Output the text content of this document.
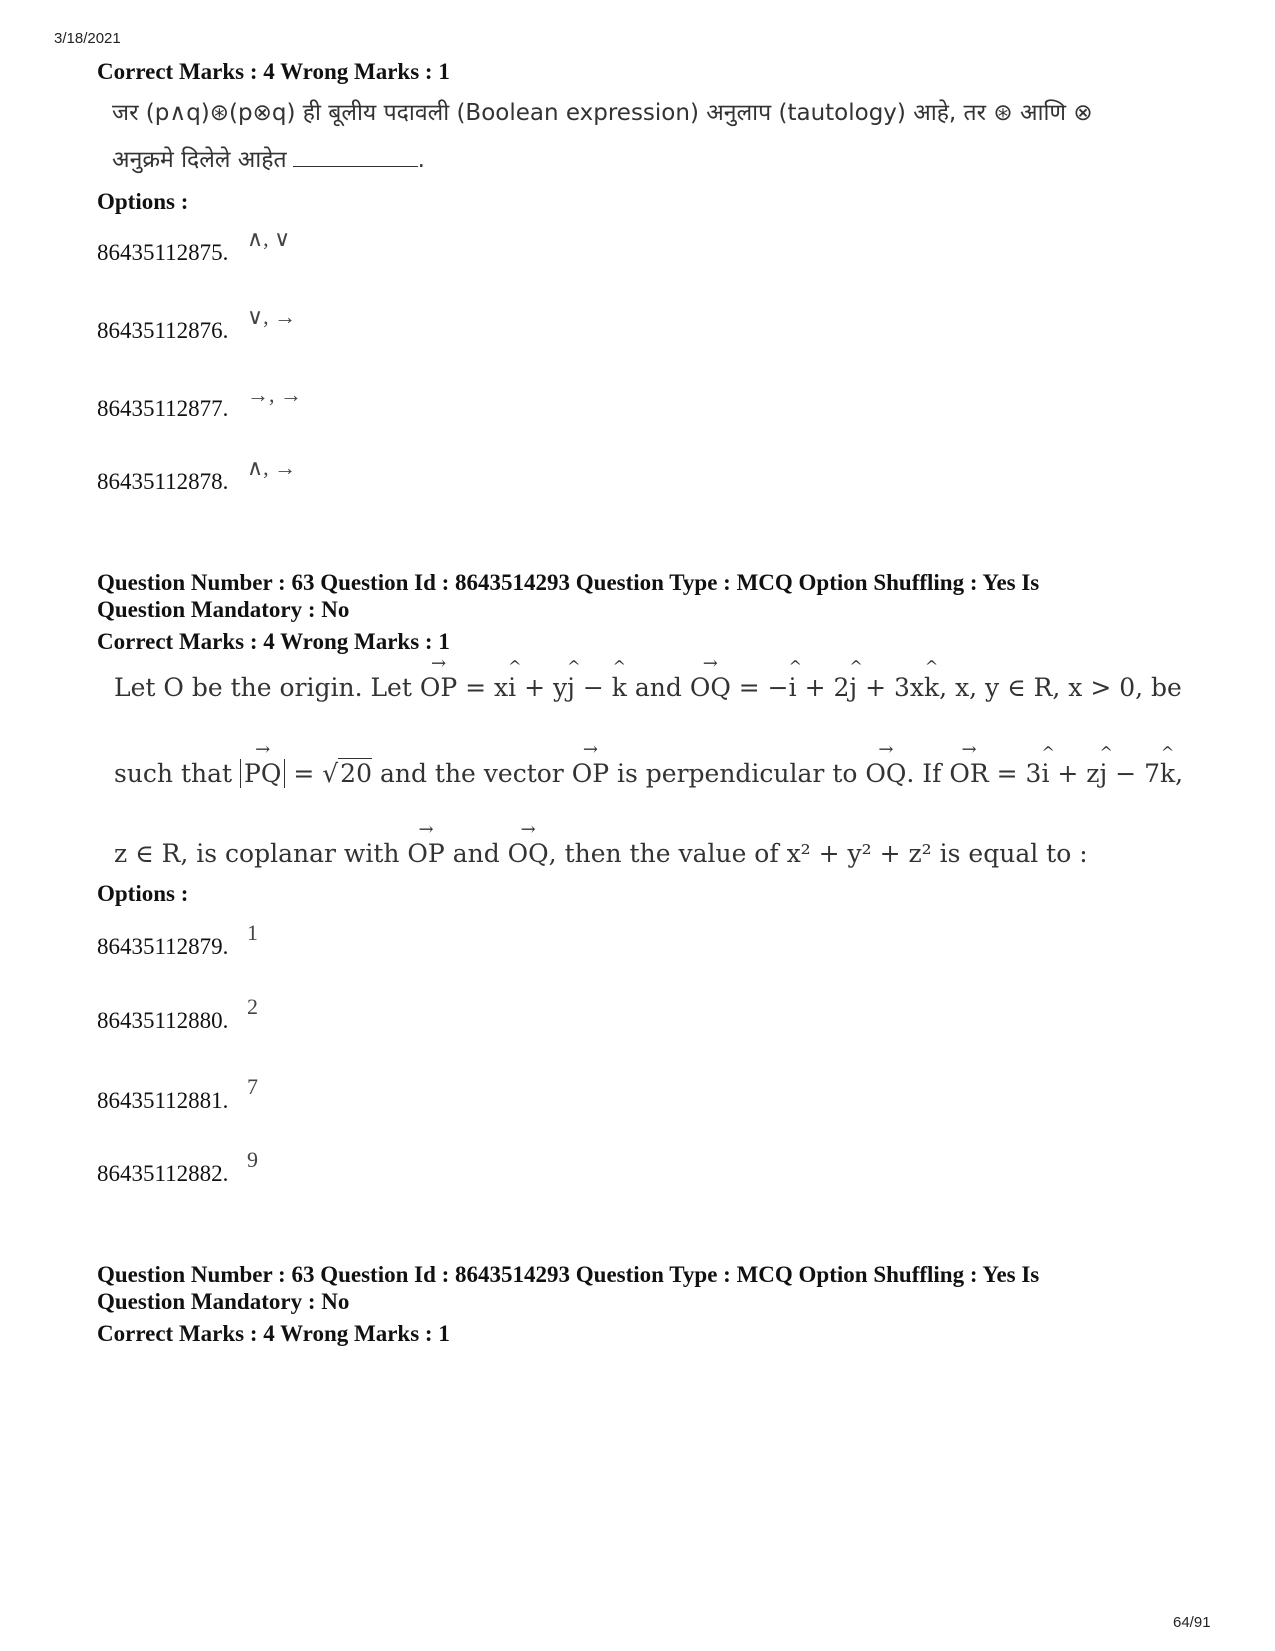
3/18/2021
Correct Marks : 4 Wrong Marks : 1
जर (p∧q)⊛(p⊗q) ही बूलीय पदावली (Boolean expression) अनुलाप (tautology) आहे, तर ⊛ आणि ⊗
अनुक्रमे दिलेले आहेत	.
Options :
86435112875.
∧, ∨
86435112876.
∨, →
86435112877.
→, →
86435112878.
∧, →
Question Number : 63 Question Id : 8643514293 Question Type : MCQ Option Shuffling : Yes Is
Question Mandatory : No
Correct Marks : 4 Wrong Marks : 1
Let O be the origin. Let → OP = x^ i + y^ j − ^ k and → OQ = −^ i + 2^ j + 3x^ k, x, y ∈ R, x > 0, be
such that → PQ = √20 and the vector → OP is perpendicular to → OQ. If → OR = 3^ i + z^ j − 7^ k,
z ∈ R, is coplanar with → OP and → OQ, then the value of x² + y² + z² is equal to :
Options :
86435112879.
1
86435112880.
2
86435112881.
7
86435112882.
9
Question Number : 63 Question Id : 8643514293 Question Type : MCQ Option Shuffling : Yes Is
Question Mandatory : No
Correct Marks : 4 Wrong Marks : 1
64/91
